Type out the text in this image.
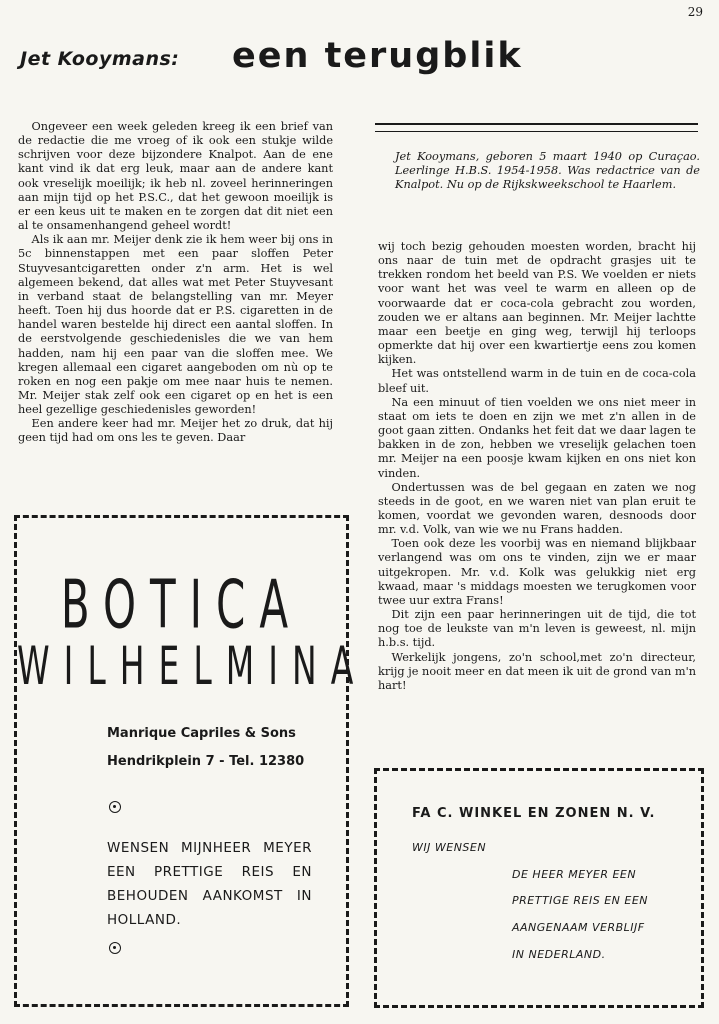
29
Jet Kooymans: een terugblik
Jet Kooymans, geboren 5 maart 1940 op Curaçao. Leerlinge H.B.S. 1954-1958. Was redactrice van de Knalpot. Nu op de Rijkskweekschool te Haarlem.

Ongeveer een week geleden kreeg ik een brief van de redactie die me vroeg of ik ook een stukje wilde schrijven voor deze bijzondere Knalpot. Aan de ene kant vind ik dat erg leuk, maar aan de andere kant ook vreselijk moeilijk; ik heb nl. zoveel herinneringen aan mijn tijd op het P.S.C., dat het gewoon moeilijk is er een keus uit te maken en te zorgen dat dit niet een al te onsamenhangend geheel wordt!

Als ik aan mr. Meijer denk zie ik hem weer bij ons in 5c binnenstappen met een paar sloffen Peter Stuyvesantcigaretten onder z'n arm. Het is wel algemeen bekend, dat alles wat met Peter Stuyvesant in verband staat de belangstelling van mr. Meyer heeft. Toen hij dus hoorde dat er P.S. cigaretten in de handel waren bestelde hij direct een aantal sloffen. In de eerstvolgende geschiedenisles die we van hem hadden, nam hij een paar van die sloffen mee. We kregen allemaal een cigaret aangeboden om nù op te roken en nog een pakje om mee naar huis te nemen. Mr. Meijer stak zelf ook een cigaret op en het is een heel gezellige geschiedenisles geworden!

Een andere keer had mr. Meijer het zo druk, dat hij geen tijd had om ons les te geven. Daar

wij toch bezig gehouden moesten worden, bracht hij ons naar de tuin met de opdracht grasjes uit te trekken rondom het beeld van P.S. We voelden er niets voor want het was veel te warm en alleen op de voorwaarde dat er coca-cola gebracht zou worden, zouden we er altans aan beginnen. Mr. Meijer lachtte maar een beetje en ging weg, terwijl hij terloops opmerkte dat hij over een kwartiertje eens zou komen kijken.

Het was ontstellend warm in de tuin en de coca-cola bleef uit.

Na een minuut of tien voelden we ons niet meer in staat om iets te doen en zijn we met z'n allen in de goot gaan zitten. Ondanks het feit dat we daar lagen te bakken in de zon, hebben we vreselijk gelachen toen mr. Meijer na een poosje kwam kijken en ons niet kon vinden.

Ondertussen was de bel gegaan en zaten we nog steeds in de goot, en we waren niet van plan eruit te komen, voordat we gevonden waren, desnoods door mr. v.d. Volk, van wie we nu Frans hadden.

Toen ook deze les voorbij was en niemand blijkbaar verlangend was om ons te vinden, zijn we er maar uitgekropen. Mr. v.d. Kolk was gelukkig niet erg kwaad, maar 's middags moesten we terugkomen voor twee uur extra Frans!

Dit zijn een paar herinneringen uit de tijd, die tot nog toe de leukste van m'n leven is geweest, nl. mijn h.b.s. tijd.

Werkelijk jongens, zo'n school,met zo'n directeur, krijg je nooit meer en dat meen ik uit de grond van m'n hart!

BOTICA
WILHELMINA
Manrique Capriles & Sons
Hendrikplein 7 - Tel. 12380
WENSEN MIJNHEER MEYER EEN PRETTIGE REIS EN BEHOUDEN AANKOMST IN HOLLAND.
FA C. WINKEL EN ZONEN N. V.
WIJ WENSEN
DE HEER MEYER EEN
PRETTIGE REIS EN EEN
AANGENAAM VERBLIJF
IN NEDERLAND.
